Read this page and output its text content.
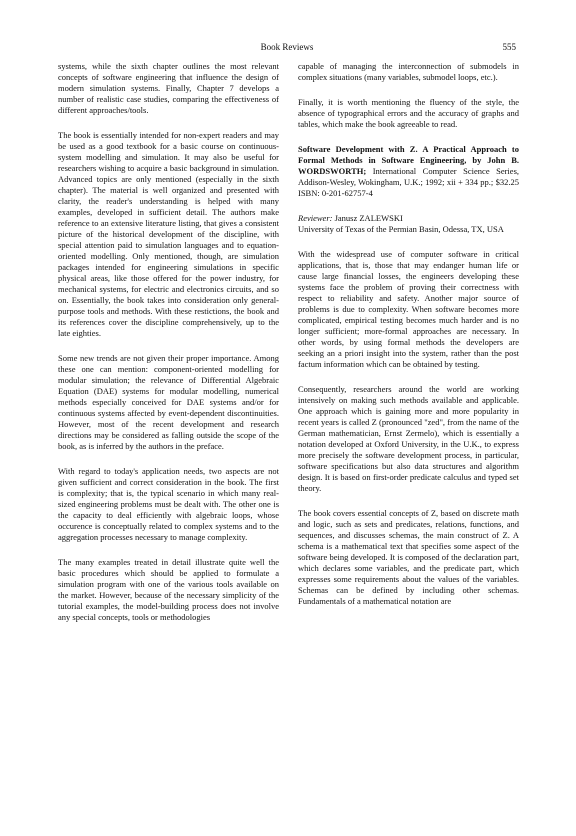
Book Reviews	555

systems, while the sixth chapter outlines the most relevant concepts of software engineering that influence the design of modern simulation systems. Finally, Chapter 7 develops a number of realistic case studies, comparing the effectiveness of different approaches/tools.

The book is essentially intended for non-expert readers and may be used as a good textbook for a basic course on continuous-system modelling and simulation. It may also be useful for researchers wishing to acquire a basic background in simulation. Advanced topics are only mentioned (especially in the sixth chapter). The material is well organized and presented with clarity, the reader's understanding is helped with many examples, developed in sufficient detail. The authors make reference to an extensive literature listing, that gives a consistent picture of the historical development of the discipline, with special attention paid to simulation languages and to equation-oriented modelling. Only mentioned, though, are simulation packages intended for engineering simulations in specific physical areas, like those offered for the power industry, for mechanical systems, for electric and electronics circuits, and so on. Essentially, the book takes into consideration only general-purpose tools and methods. With these restictions, the book and its references cover the discipline comprehensively, up to the late eighties.

Some new trends are not given their proper importance. Among these one can mention: component-oriented modelling for modular simulation; the relevance of Differential Algebraic Equation (DAE) systems for modular modelling, numerical methods especially conceived for DAE systems and/or for continuous systems affected by event-dependent discontinuities. However, most of the recent development and research directions may be considered as falling outside the scope of the book, as is inferred by the authors in the preface.

With regard to today's application needs, two aspects are not given sufficient and correct consideration in the book. The first is complexity; that is, the typical scenario in which many real-sized engineering problems must be dealt with. The other one is the capacity to deal efficiently with algebraic loops, whose occurence is conceptually related to complex systems and to the aggregation processes necessary to manage complexity.

The many examples treated in detail illustrate quite well the basic procedures which should be applied to formulate a simulation program with one of the various tools available on the market. However, because of the necessary simplicity of the tutorial examples, the model-building process does not involve any special concepts, tools or methodologies

capable of managing the interconnection of submodels in complex situations (many variables, submodel loops, etc.).

Finally, it is worth mentioning the fluency of the style, the absence of typographical errors and the accuracy of graphs and tables, which make the book agreeable to read.

Software Development with Z. A Practical Approach to Formal Methods in Software Engineering, by John B. WORDSWORTH; International Computer Science Series, Addison-Wesley, Wokingham, U.K.; 1992; xii + 334 pp.; $32.25 ISBN: 0-201-62757-4

Reviewer: Janusz ZALEWSKI
University of Texas of the Permian Basin, Odessa, TX, USA

With the widespread use of computer software in critical applications, that is, those that may endanger human life or cause large financial losses, the engineers developing these systems face the problem of proving their correctness with respect to reliability and safety. Another major source of problems is due to complexity. When software becomes more complicated, empirical testing becomes much harder and is no longer sufficient; more-formal approaches are necessary. In other words, by using formal methods the developers are seeking an a priori insight into the system, rather than the post factum information which can be obtained by testing.

Consequently, researchers around the world are working intensively on making such methods available and applicable. One approach which is gaining more and more popularity in recent years is called Z (pronounced "zed", from the name of the German mathematician, Ernst Zermelo), which is essentially a notation developed at Oxford University, in the U.K., to express more precisely the software development process, in particular, software specifications but also data structures and algorithm design. It is based on first-order predicate calculus and typed set theory.

The book covers essential concepts of Z, based on discrete math and logic, such as sets and predicates, relations, functions, and sequences, and discusses schemas, the main construct of Z. A schema is a mathematical text that specifies some aspect of the software being developed. It is composed of the declaration part, which declares some variables, and the predicate part, which expresses some requirements about the values of the variables. Schemas can be defined by including other schemas. Fundamentals of a mathematical notation are
